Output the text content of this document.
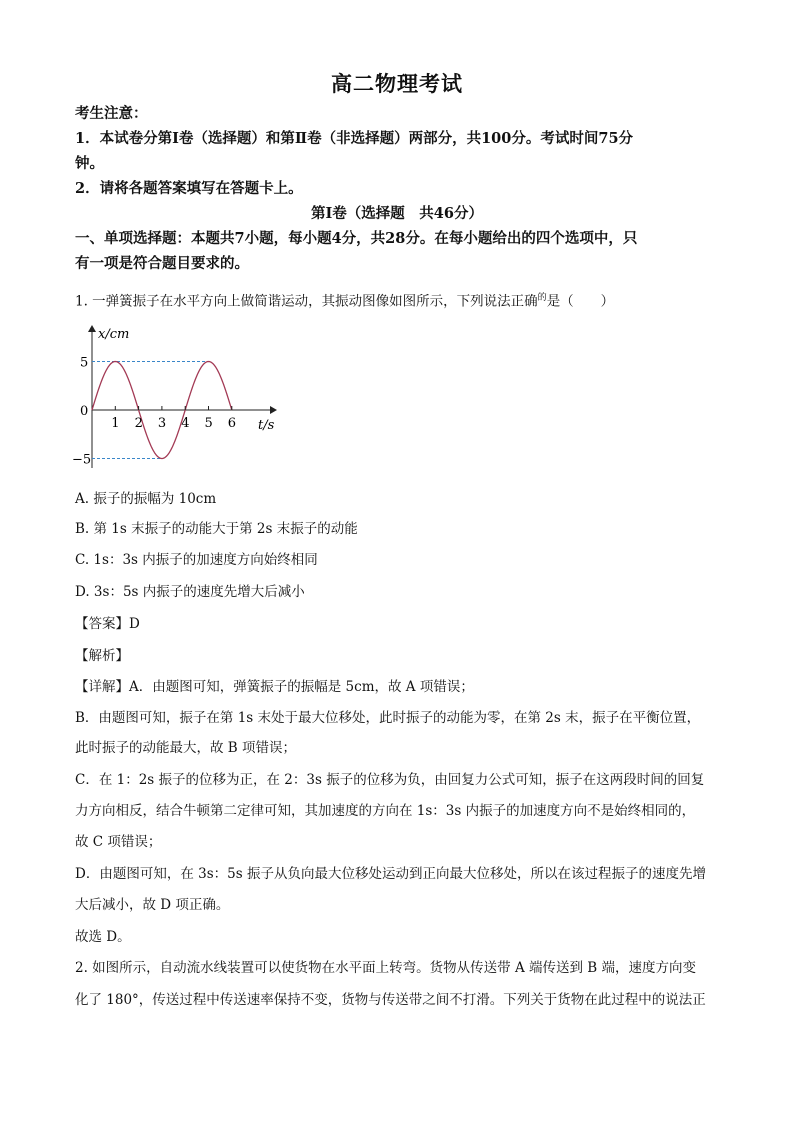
高二物理考试
考生注意：
1．本试卷分第Ⅰ卷（选择题）和第Ⅱ卷（非选择题）两部分，共100分。考试时间75分
钟。
2．请将各题答案填写在答题卡上。
第Ⅰ卷（选择题　共46分）
一、单项选择题：本题共7小题，每小题4分，共28分。在每小题给出的四个选项中，只
有一项是符合题目要求的。
1. 一弹簧振子在水平方向上做简谐运动，其振动图像如图所示，下列说法正确$^的$是（　　）
1 2 3 4 5 6
x/cm
t/s
0
5
−5
A. 振子的振幅为 10cm
B. 第 1s 末振子的动能大于第 2s 末振子的动能
C. 1s：3s 内振子的加速度方向始终相同
D. 3s：5s 内振子的速度先增大后减小
【答案】D
【解析】
【详解】A．由题图可知，弹簧振子的振幅是 5cm，故 A 项错误；
B．由题图可知，振子在第 1s 末处于最大位移处，此时振子的动能为零，在第 2s 末，振子在平衡位置，
此时振子的动能最大，故 B 项错误；
C．在 1：2s 振子的位移为正，在 2：3s 振子的位移为负，由回复力公式可知，振子在这两段时间的回复
力方向相反，结合牛顿第二定律可知，其加速度的方向在 1s：3s 内振子的加速度方向不是始终相同的，
故 C 项错误；
D．由题图可知，在 3s：5s 振子从负向最大位移处运动到正向最大位移处，所以在该过程振子的速度先增
大后减小，故 D 项正确。
故选 D。
2. 如图所示，自动流水线装置可以使货物在水平面上转弯。货物从传送带 A 端传送到 B 端，速度方向变
化了 180°，传送过程中传送速率保持不变，货物与传送带之间不打滑。下列关于货物在此过程中的说法正
